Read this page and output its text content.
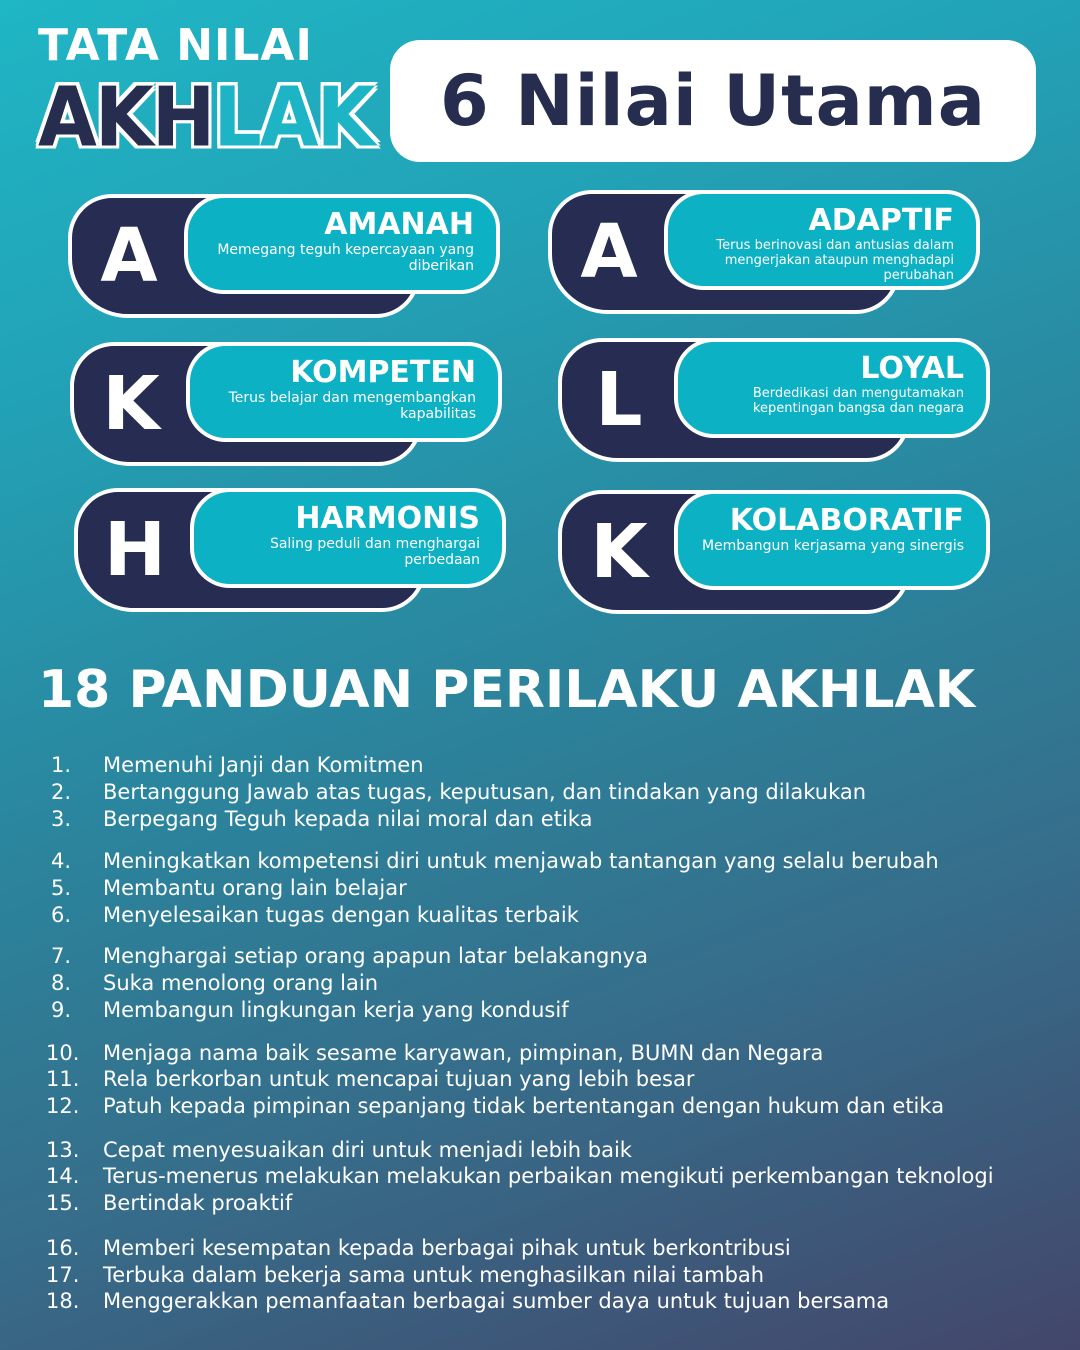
TATA NILAI
AKH LAK 6 Nilai Utama
A	AMANAH
Memegang teguh kepercayaan yang diberikan	A	ADAPTIF
Terus berinovasi dan antusias dalam mengerjakan ataupun menghadapi perubahan
K	KOMPETEN
Terus belajar dan mengembangkan kapabilitas	L	LOYAL
Berdedikasi dan mengutamakan kepentingan bangsa dan negara
H	HARMONIS
Saling peduli dan menghargai perbedaan	K	KOLABORATIF
Membangun kerjasama yang sinergis
18 PANDUAN PERILAKU AKHLAK
1. Memenuhi Janji dan Komitmen
2. Bertanggung Jawab atas tugas, keputusan, dan tindakan yang dilakukan
3. Berpegang Teguh kepada nilai moral dan etika
4. Meningkatkan kompetensi diri untuk menjawab tantangan yang selalu berubah
5. Membantu orang lain belajar
6. Menyelesaikan tugas dengan kualitas terbaik
7. Menghargai setiap orang apapun latar belakangnya
8. Suka menolong orang lain
9. Membangun lingkungan kerja yang kondusif
10. Menjaga nama baik sesame karyawan, pimpinan, BUMN dan Negara
11. Rela berkorban untuk mencapai tujuan yang lebih besar
12. Patuh kepada pimpinan sepanjang tidak bertentangan dengan hukum dan etika
13. Cepat menyesuaikan diri untuk menjadi lebih baik
14. Terus-menerus melakukan melakukan perbaikan mengikuti perkembangan teknologi
15. Bertindak proaktif
16. Memberi kesempatan kepada berbagai pihak untuk berkontribusi
17. Terbuka dalam bekerja sama untuk menghasilkan nilai tambah
18. Menggerakkan pemanfaatan berbagai sumber daya untuk tujuan bersama
